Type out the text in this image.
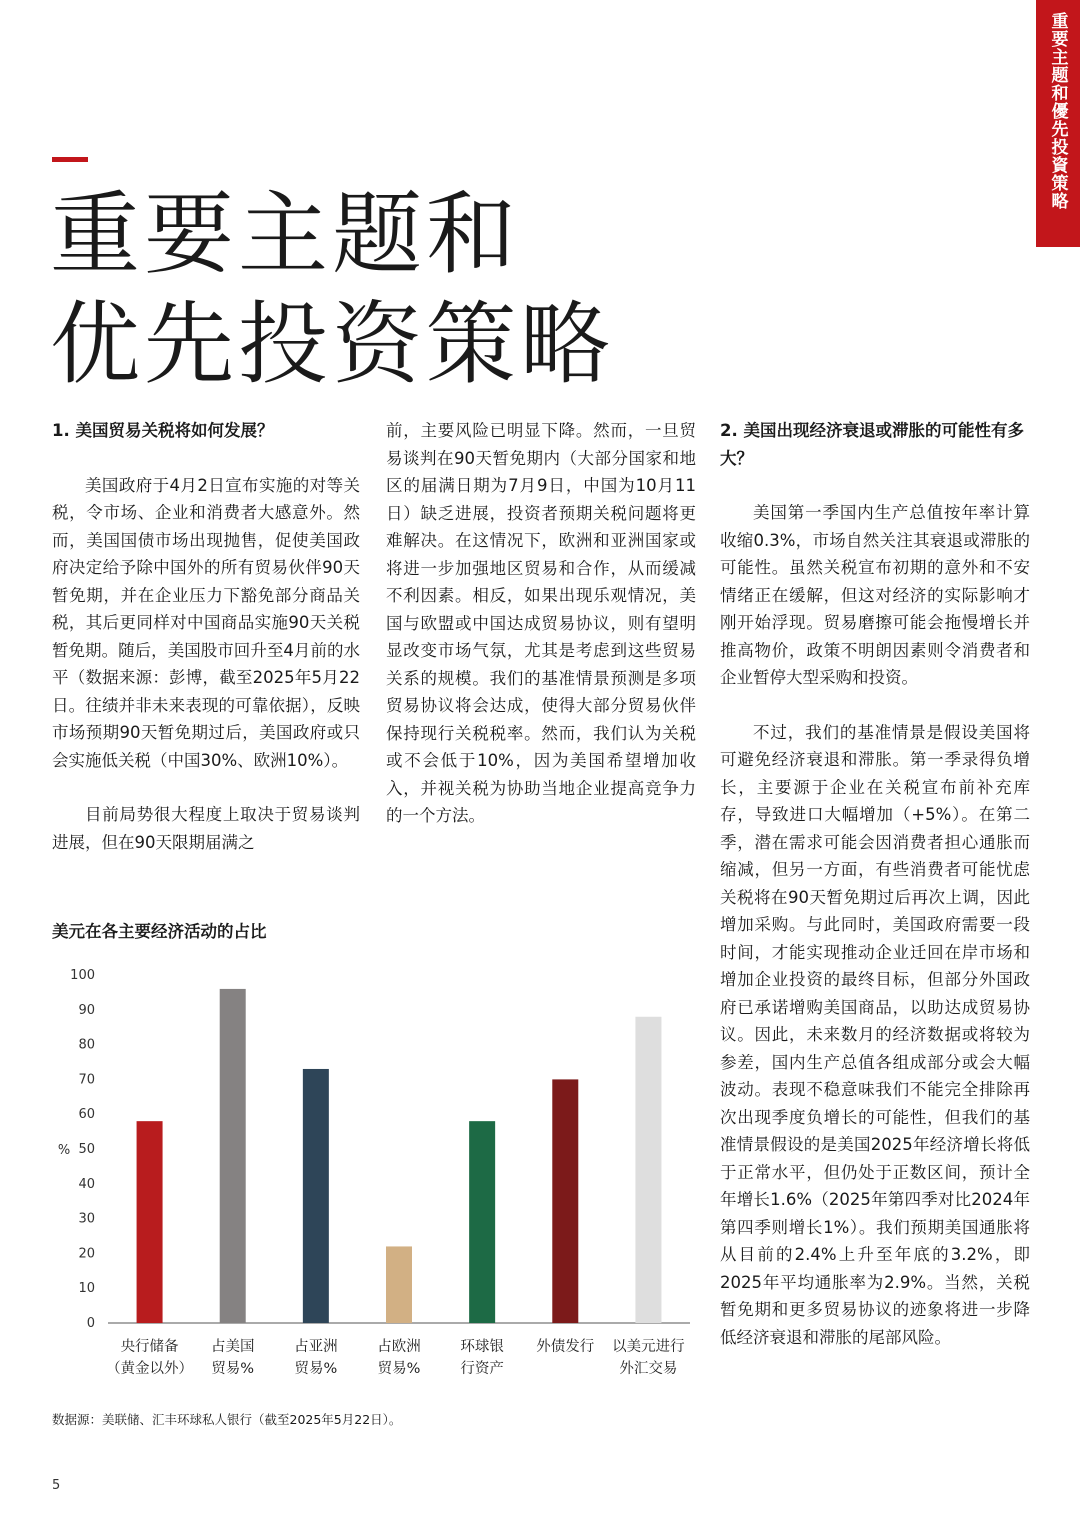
重要主题和優先投資策略
重要主题和
优先投资策略
1. 美国贸易关税将如何发展？

美国政府于4月2日宣布实施的对等关税，令市场、企业和消费者大感意外。然而，美国国债市场出现抛售，促使美国政府决定给予除中国外的所有贸易伙伴90天暂免期，并在企业压力下豁免部分商品关税，其后更同样对中国商品实施90天关税暂免期。随后，美国股市回升至4月前的水平（数据来源：彭博，截至2025年5月22日。往绩并非未来表现的可靠依据），反映市场预期90天暂免期过后，美国政府或只会实施低关税（中国30%、欧洲10%）。

目前局势很大程度上取决于贸易谈判进展，但在90天限期届满之

前，主要风险已明显下降。然而，一旦贸易谈判在90天暂免期内（大部分国家和地区的届满日期为7月9日，中国为10月11日）缺乏进展，投资者预期关税问题将更难解决。在这情况下，欧洲和亚洲国家或将进一步加强地区贸易和合作，从而缓减不利因素。相反，如果出现乐观情况，美国与欧盟或中国达成贸易协议，则有望明显改变市场气氛，尤其是考虑到这些贸易关系的规模。我们的基准情景预测是多项贸易协议将会达成，使得大部分贸易伙伴保持现行关税税率。然而，我们认为关税或不会低于10%，因为美国希望增加收入，并视关税为协助当地企业提高竞争力的一个方法。

2. 美国出现经济衰退或滞胀的可能性有多大？

美国第一季国内生产总值按年率计算收缩0.3%，市场自然关注其衰退或滞胀的可能性。虽然关税宣布初期的意外和不安情绪正在缓解，但这对经济的实际影响才刚开始浮现。贸易磨擦可能会拖慢增长并推高物价，政策不明朗因素则令消费者和企业暂停大型采购和投资。

不过，我们的基准情景是假设美国将可避免经济衰退和滞胀。第一季录得负增长，主要源于企业在关税宣布前补充库存，导致进口大幅增加（+5%）。在第二季，潜在需求可能会因消费者担心通胀而缩减，但另一方面，有些消费者可能忧虑关税将在90天暂免期过后再次上调，因此增加采购。与此同时，美国政府需要一段时间，才能实现推动企业迁回在岸市场和增加企业投资的最终目标，但部分外国政府已承诺增购美国商品，以助达成贸易协议。因此，未来数月的经济数据或将较为参差，国内生产总值各组成部分或会大幅波动。表现不稳意味我们不能完全排除再次出现季度负增长的可能性，但我们的基准情景假设的是美国2025年经济增长将低于正常水平，但仍处于正数区间，预计全年增长1.6%（2025年第四季对比2024年第四季则增长1%）。我们预期美国通胀将从目前的2.4%上升至年底的3.2%，即2025年平均通胀率为2.9%。当然，关税暂免期和更多贸易协议的迹象将进一步降低经济衰退和滞胀的尾部风险。

美元在各主要经济活动的占比
0
10
20
30
40
50
60
70
80
90
100
%
央行储备
（黄金以外）
占美国
贸易%
占亚洲
贸易%
占欧洲
贸易%
环球银
行资产
外债发行 以美元进行
外汇交易
数据源：美联储、汇丰环球私人银行（截至2025年5月22日）。
5
